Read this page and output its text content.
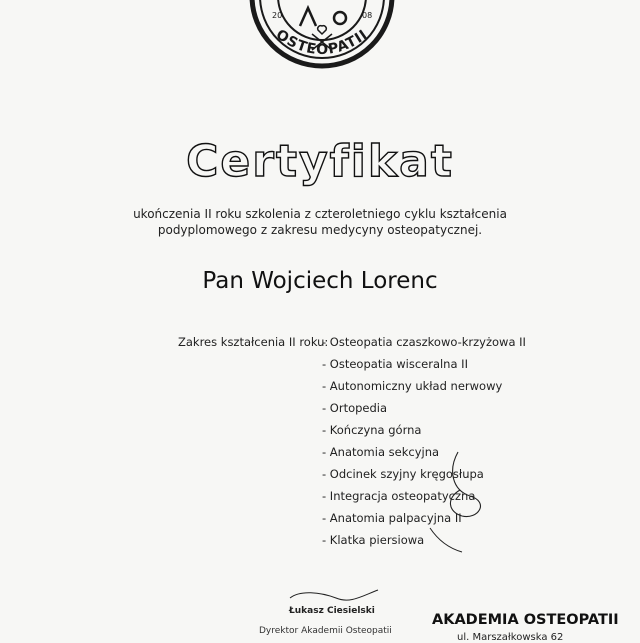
20	08
OSTEOPATII
Certyfikat
ukończenia II roku szkolenia z czteroletniego cyklu kształcenia
podyplomowego z zakresu medycyny osteopatycznej.
Pan Wojciech Lorenc
Zakres kształcenia II roku:
- Osteopatia czaszkowo-krzyżowa II
- Osteopatia wisceralna II
- Autonomiczny układ nerwowy
- Ortopedia
- Kończyna górna
- Anatomia sekcyjna
- Odcinek szyjny kręgosłupa
- Integracja osteopatyczna
- Anatomia palpacyjna II
- Klatka piersiowa
Łukasz Ciesielski
Dyrektor Akademii Osteopatii
AKADEMIA OSTEOPATII
ul. Marszałkowska 62
